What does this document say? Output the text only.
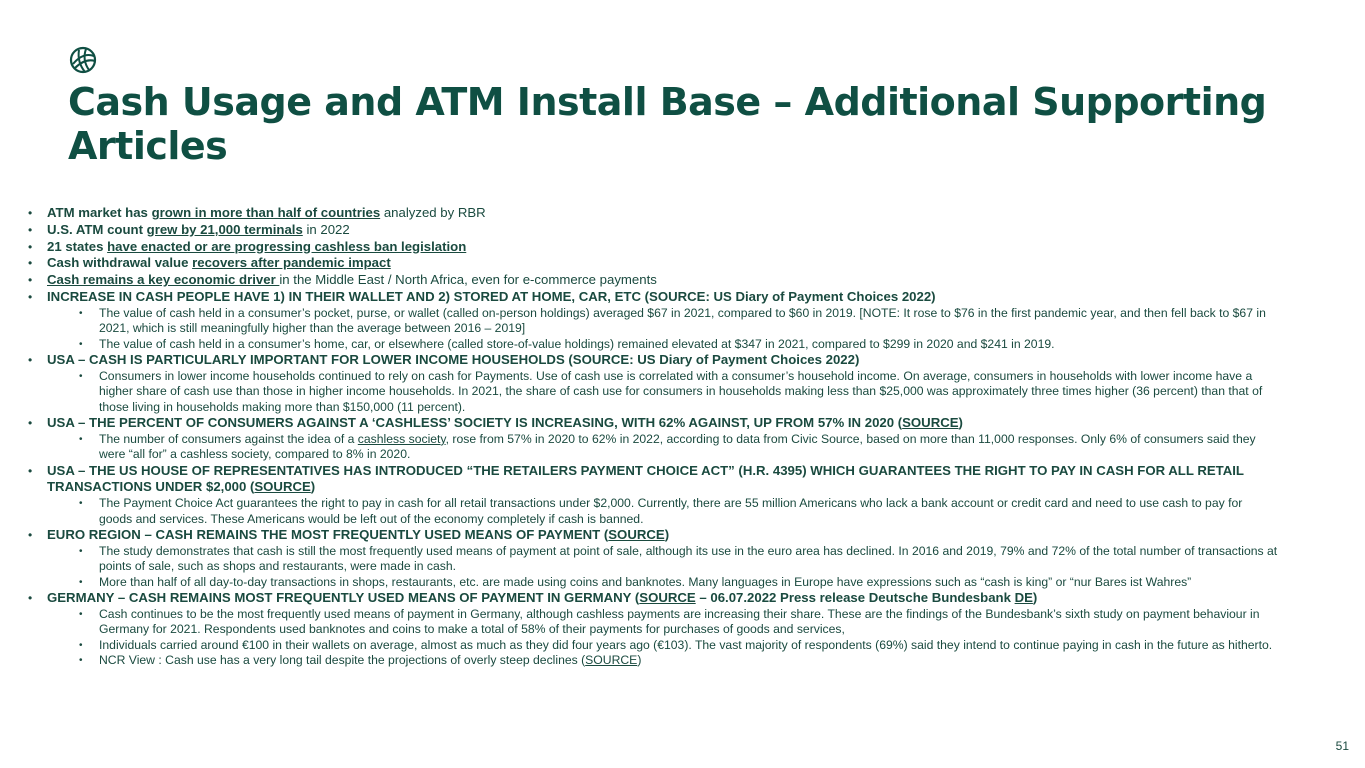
Cash Usage and ATM Install Base – Additional Supporting Articles
• ATM market has grown in more than half of countries analyzed by RBR
• U.S. ATM count grew by 21,000 terminals in 2022
• 21 states have enacted or are progressing cashless ban legislation
• Cash withdrawal value recovers after pandemic impact
• Cash remains a key economic driver in the Middle East / North Africa, even for e-commerce payments
• INCREASE IN CASH PEOPLE HAVE 1) IN THEIR WALLET AND 2) STORED AT HOME, CAR, ETC (SOURCE: US Diary of Payment Choices 2022)
• The value of cash held in a consumer’s pocket, purse, or wallet (called on-person holdings) averaged $67 in 2021, compared to $60 in 2019. [NOTE: It rose to $76 in the first pandemic year, and then fell back to $67 in 2021, which is still meaningfully higher than the average between 2016 – 2019]
• The value of cash held in a consumer’s home, car, or elsewhere (called store-of-value holdings) remained elevated at $347 in 2021, compared to $299 in 2020 and $241 in 2019.
• USA – CASH IS PARTICULARLY IMPORTANT FOR LOWER INCOME HOUSEHOLDS (SOURCE: US Diary of Payment Choices 2022)
• Consumers in lower income households continued to rely on cash for Payments. Use of cash use is correlated with a consumer’s household income. On average, consumers in households with lower income have a higher share of cash use than those in higher income households. In 2021, the share of cash use for consumers in households making less than $25,000 was approximately three times higher (36 percent) than that of those living in households making more than $150,000 (11 percent).
• USA – THE PERCENT OF CONSUMERS AGAINST A ‘CASHLESS’ SOCIETY IS INCREASING, WITH 62% AGAINST, UP FROM 57% IN 2020 (SOURCE)
• The number of consumers against the idea of a cashless society, rose from 57% in 2020 to 62% in 2022, according to data from Civic Source, based on more than 11,000 responses. Only 6% of consumers said they were “all for” a cashless society, compared to 8% in 2020.
• USA – THE US HOUSE OF REPRESENTATIVES HAS INTRODUCED “THE RETAILERS PAYMENT CHOICE ACT” (H.R. 4395) WHICH GUARANTEES THE RIGHT TO PAY IN CASH FOR ALL RETAIL TRANSACTIONS UNDER $2,000 (SOURCE)
• The Payment Choice Act guarantees the right to pay in cash for all retail transactions under $2,000. Currently, there are 55 million Americans who lack a bank account or credit card and need to use cash to pay for goods and services. These Americans would be left out of the economy completely if cash is banned.
• EURO REGION – CASH REMAINS THE MOST FREQUENTLY USED MEANS OF PAYMENT (SOURCE)
• The study demonstrates that cash is still the most frequently used means of payment at point of sale, although its use in the euro area has declined. In 2016 and 2019, 79% and 72% of the total number of transactions at points of sale, such as shops and restaurants, were made in cash.
• More than half of all day-to-day transactions in shops, restaurants, etc. are made using coins and banknotes. Many languages in Europe have expressions such as “cash is king” or “nur Bares ist Wahres”
• GERMANY – CASH REMAINS MOST FREQUENTLY USED MEANS OF PAYMENT IN GERMANY (SOURCE – 06.07.2022 Press release Deutsche Bundesbank DE)
• Cash continues to be the most frequently used means of payment in Germany, although cashless payments are increasing their share. These are the findings of the Bundesbank’s sixth study on payment behaviour in Germany for 2021. Respondents used banknotes and coins to make a total of 58% of their payments for purchases of goods and services,
• Individuals carried around €100 in their wallets on average, almost as much as they did four years ago (€103). The vast majority of respondents (69%) said they intend to continue paying in cash in the future as hitherto.
• NCR View : Cash use has a very long tail despite the projections of overly steep declines (SOURCE)
51
